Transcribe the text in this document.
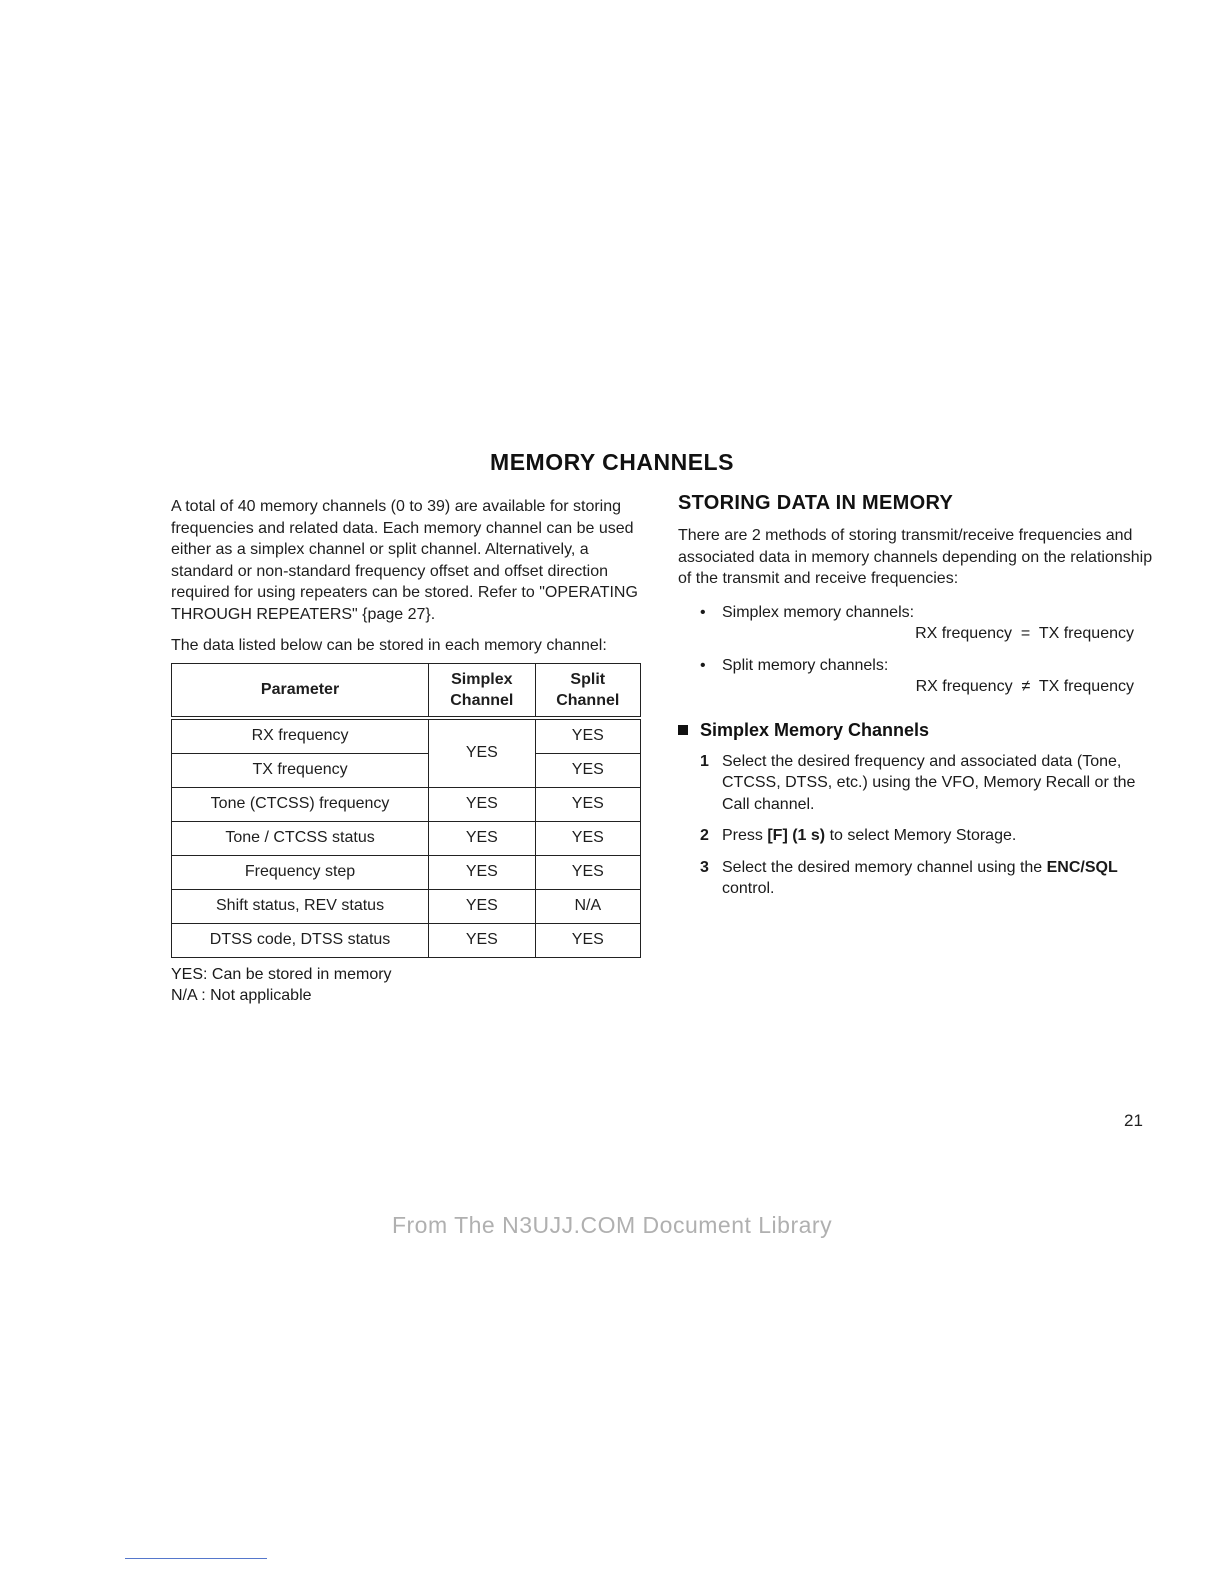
MEMORY CHANNELS

A total of 40 memory channels (0 to 39) are available for storing frequencies and related data. Each memory channel can be used either as a simplex channel or split channel. Alternatively, a standard or non-standard frequency offset and offset direction required for using repeaters can be stored. Refer to "OPERATING THROUGH REPEATERS" {page 27}.

The data listed below can be stored in each memory channel:

Parameter	Simplex Channel	Split Channel

RX frequency	YES	YES
TX frequency		YES
Tone (CTCSS) frequency	YES	YES
Tone / CTCSS status	YES	YES
Frequency step	YES	YES
Shift status, REV status	YES	N/A
DTSS code, DTSS status	YES	YES

YES: Can be stored in memory

N/A : Not applicable

STORING DATA IN MEMORY

There are 2 methods of storing transmit/receive frequencies and associated data in memory channels depending on the relationship of the transmit and receive frequencies:

• Simplex memory channels:
RX frequency  =  TX frequency
• Split memory channels:
RX frequency  ≠  TX frequency
Simplex Memory Channels
1 Select the desired frequency and associated data (Tone, CTCSS, DTSS, etc.) using the VFO, Memory Recall or the Call channel.
2 Press [F] (1 s) to select Memory Storage.
3 Select the desired memory channel using the ENC/SQL control.
21
From The N3UJJ.COM Document Library
